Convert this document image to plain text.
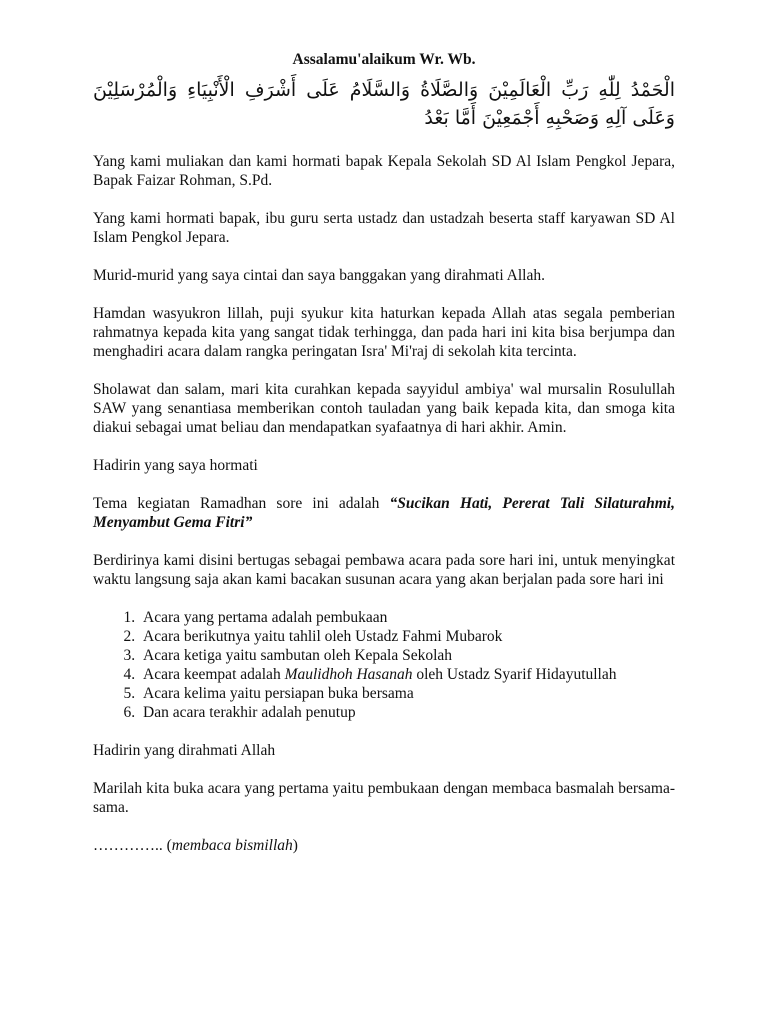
Assalamu'alaikum Wr. Wb.
الْحَمْدُ لِلّٰهِ رَبِّ الْعَالَمِيْنَ وَالصَّلَاةُ وَالسَّلَامُ عَلَى أَشْرَفِ الْأَنْبِيَاءِ وَالْمُرْسَلِيْنَ وَعَلَى آلِهِ وَصَحْبِهِ أَجْمَعِيْنَ أَمَّا بَعْدُ

Yang kami muliakan dan kami hormati bapak Kepala Sekolah SD Al Islam Pengkol Jepara, Bapak Faizar Rohman, S.Pd.

Yang kami hormati bapak, ibu guru serta ustadz dan ustadzah beserta staff karyawan SD Al Islam Pengkol Jepara.

Murid-murid yang saya cintai dan saya banggakan yang dirahmati Allah.

Hamdan wasyukron lillah, puji syukur kita haturkan kepada Allah atas segala pemberian rahmatnya kepada kita yang sangat tidak terhingga, dan pada hari ini kita bisa berjumpa dan menghadiri acara dalam rangka peringatan Isra' Mi'raj di sekolah kita tercinta.

Sholawat dan salam, mari kita curahkan kepada sayyidul ambiya' wal mursalin Rosulullah SAW yang senantiasa memberikan contoh tauladan yang baik kepada kita, dan smoga kita diakui sebagai umat beliau dan mendapatkan syafaatnya di hari akhir. Amin.

Hadirin yang saya hormati

Tema kegiatan Ramadhan sore ini adalah “Sucikan Hati, Pererat Tali Silaturahmi, Menyambut Gema Fitri”

Berdirinya kami disini bertugas sebagai pembawa acara pada sore hari ini, untuk menyingkat waktu langsung saja akan kami bacakan susunan acara yang akan berjalan pada sore hari ini

1. Acara yang pertama adalah pembukaan
2. Acara berikutnya yaitu tahlil oleh Ustadz Fahmi Mubarok
3. Acara ketiga yaitu sambutan oleh Kepala Sekolah
4. Acara keempat adalah Maulidhoh Hasanah oleh Ustadz Syarif Hidayutullah
5. Acara kelima yaitu persiapan buka bersama
6. Dan acara terakhir adalah penutup

Hadirin yang dirahmati Allah

Marilah kita buka acara yang pertama yaitu pembukaan dengan membaca basmalah bersama-sama.

………….. (membaca bismillah)
